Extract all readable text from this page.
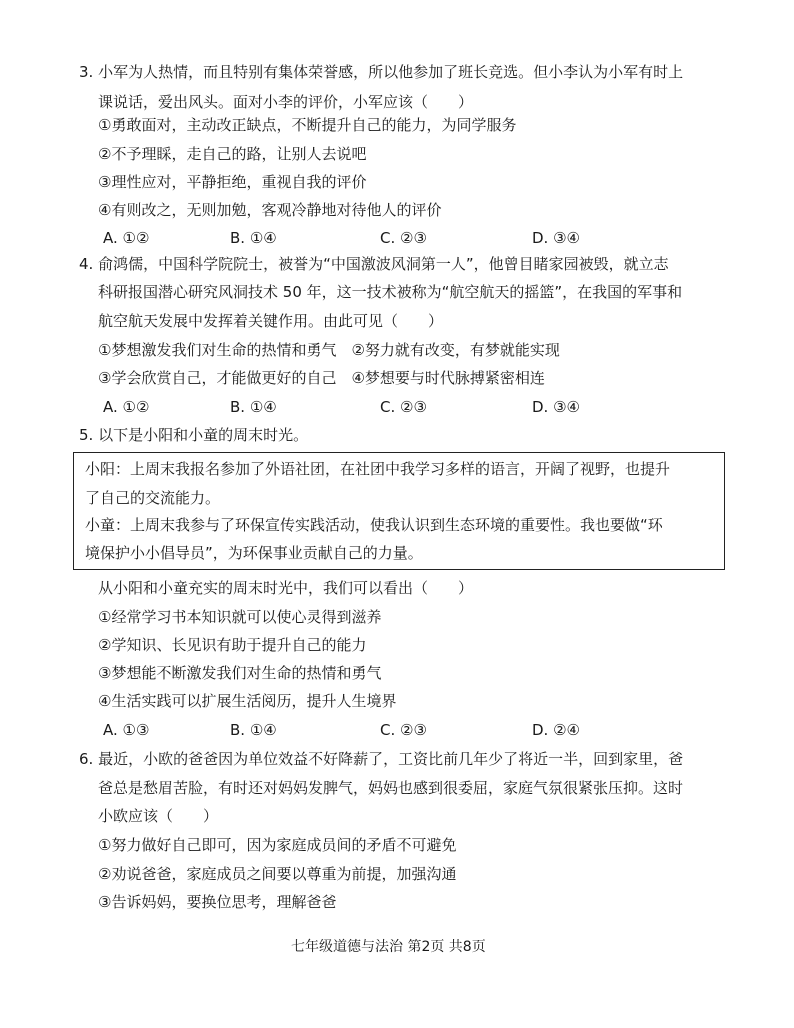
3. 小军为人热情，而且特别有集体荣誉感，所以他参加了班长竞选。但小李认为小军有时上
课说话，爱出风头。面对小李的评价，小军应该（　　）
①勇敢面对，主动改正缺点，不断提升自己的能力，为同学服务
②不予理睬，走自己的路，让别人去说吧
③理性应对，平静拒绝，重视自我的评价
④有则改之，无则加勉，客观冷静地对待他人的评价
A. ①②	B. ①④	C. ②③	D. ③④
4. 俞鸿儒，中国科学院院士，被誉为“中国激波风洞第一人”，他曾目睹家园被毁，就立志
科研报国潜心研究风洞技术 50 年，这一技术被称为“航空航天的摇篮”，在我国的军事和
航空航天发展中发挥着关键作用。由此可见（　　）
①梦想激发我们对生命的热情和勇气　②努力就有改变，有梦就能实现
③学会欣赏自己，才能做更好的自己　④梦想要与时代脉搏紧密相连
A. ①②	B. ①④	C. ②③	D. ③④
5. 以下是小阳和小童的周末时光。
小阳：上周末我报名参加了外语社团，在社团中我学习多样的语言，开阔了视野，也提升
了自己的交流能力。
小童：上周末我参与了环保宣传实践活动，使我认识到生态环境的重要性。我也要做“环
境保护小小倡导员”，为环保事业贡献自己的力量。
从小阳和小童充实的周末时光中，我们可以看出（　　）
①经常学习书本知识就可以使心灵得到滋养
②学知识、长见识有助于提升自己的能力
③梦想能不断激发我们对生命的热情和勇气
④生活实践可以扩展生活阅历，提升人生境界
A. ①③	B. ①④	C. ②③	D. ②④
6. 最近，小欧的爸爸因为单位效益不好降薪了，工资比前几年少了将近一半，回到家里，爸
爸总是愁眉苦脸，有时还对妈妈发脾气，妈妈也感到很委屈，家庭气氛很紧张压抑。这时
小欧应该（　　）
①努力做好自己即可，因为家庭成员间的矛盾不可避免
②劝说爸爸，家庭成员之间要以尊重为前提，加强沟通
③告诉妈妈，要换位思考，理解爸爸
七年级道德与法治 第2页 共8页
